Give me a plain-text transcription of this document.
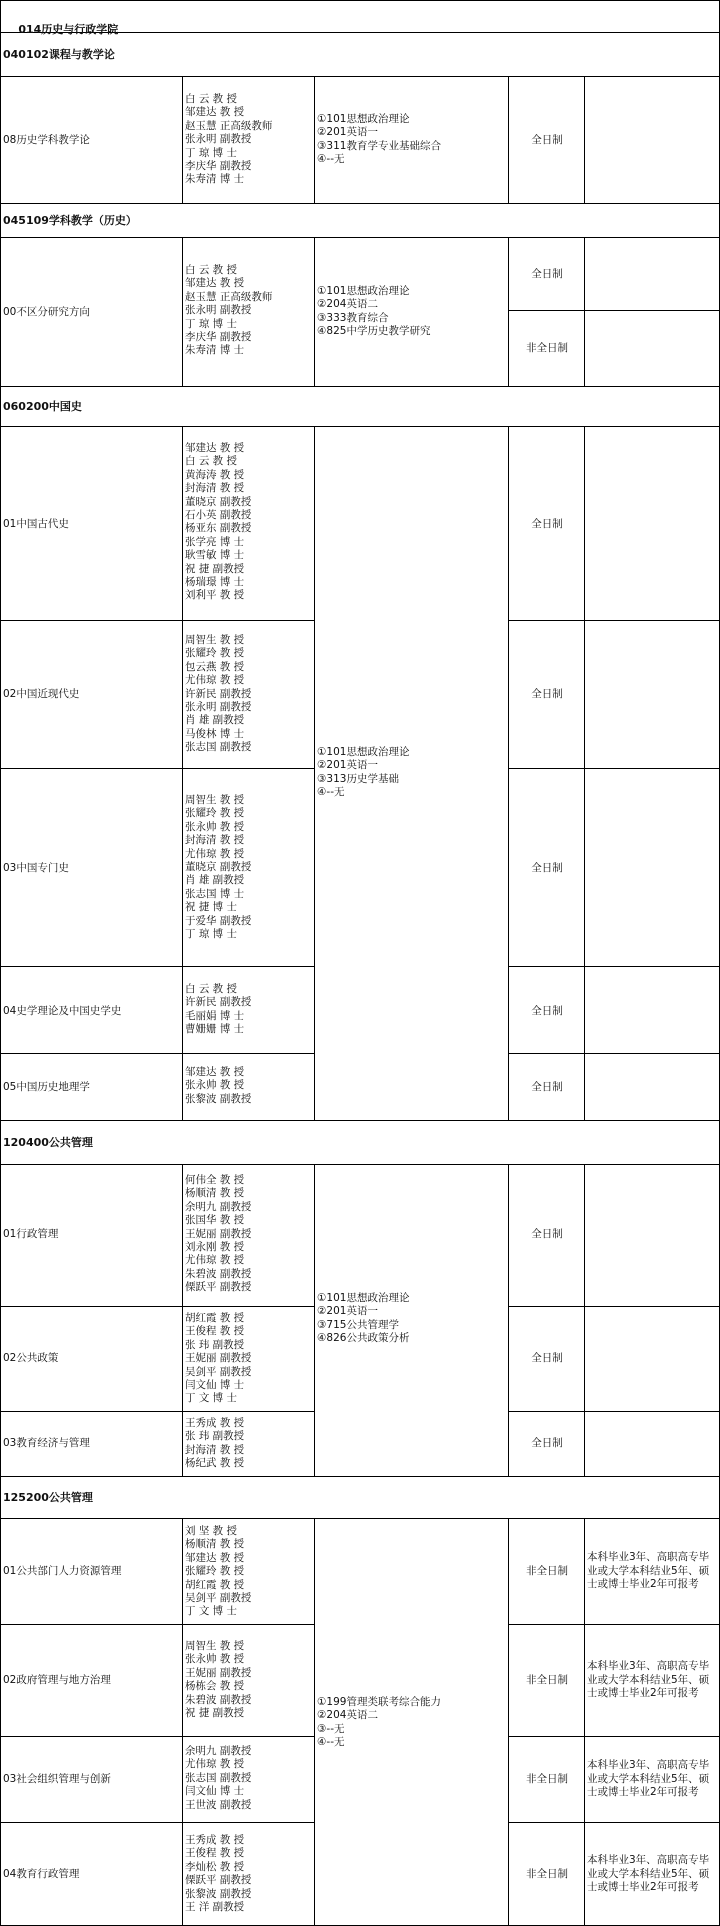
014历史与行政学院

040102课程与教学论
045109学科教学（历史）
060200中国史
120400公共管理
125200公共管理
08历史学科教学论
00不区分研究方向
01中国古代史
02中国近现代史
03中国专门史
04史学理论及中国史学史
05中国历史地理学
01行政管理
02公共政策
03教育经济与管理
01公共部门人力资源管理
02政府管理与地方治理
03社会组织管理与创新
04教育行政管理
白 云 教 授
邹建达 教 授
赵玉慧 正高级教师
张永明 副教授
丁 琼 博 士
李庆华 副教授
朱寿清 博 士
白 云 教 授
邹建达 教 授
赵玉慧 正高级教师
张永明 副教授
丁 琼 博 士
李庆华 副教授
朱寿清 博 士
邹建达 教 授
白 云 教 授
黄海涛 教 授
封海清 教 授
董晓京 副教授
石小英 副教授
杨亚东 副教授
张学亮 博 士
耿雪敏 博 士
祝 捷 副教授
杨瑞璟 博 士
刘利平 教 授
周智生 教 授
张耀玲 教 授
包云燕 教 授
尤伟琼 教 授
许新民 副教授
张永明 副教授
肖 雄 副教授
马俊林 博 士
张志国 副教授
周智生 教 授
张耀玲 教 授
张永帅 教 授
封海清 教 授
尤伟琼 教 授
董晓京 副教授
肖 雄 副教授
张志国 博 士
祝 捷 博 士
于爱华 副教授
丁 琼 博 士
白 云 教 授
许新民 副教授
毛丽娟 博 士
曹姗姗 博 士
邹建达 教 授
张永帅 教 授
张黎波 副教授
何伟全 教 授
杨顺清 教 授
余明九 副教授
张国华 教 授
王妮丽 副教授
刘永刚 教 授
尤伟琼 教 授
朱碧波 副教授
傈跃平 副教授
胡红霞 教 授
王俊程 教 授
张 玮 副教授
王妮丽 副教授
吴剑平 副教授
闫文仙 博 士
丁 文 博 士
王秀成 教 授
张 玮 副教授
封海清 教 授
杨纪武 教 授
刘 坚 教 授
杨顺清 教 授
邹建达 教 授
张耀玲 教 授
胡红霞 教 授
吴剑平 副教授
丁 文 博 士
周智生 教 授
张永帅 教 授
王妮丽 副教授
杨栋会 教 授
朱碧波 副教授
祝 捷 副教授
余明九 副教授
尤伟琼 教 授
张志国 副教授
闫文仙 博 士
王世波 副教授
王秀成 教 授
王俊程 教 授
李灿松 教 授
傈跃平 副教授
张黎波 副教授
王 洋 副教授
①101思想政治理论
②201英语一
③311教育学专业基础综合
④--无
①101思想政治理论
②204英语二
③333教育综合
④825中学历史教学研究
①101思想政治理论
②201英语一
③313历史学基础
④--无
①101思想政治理论
②201英语一
③715公共管理学
④826公共政策分析
①199管理类联考综合能力
②204英语二
③--无
④--无
全日制
全日制
非全日制
全日制
全日制
全日制
全日制
全日制
全日制
全日制
全日制
非全日制
非全日制
非全日制
非全日制
本科毕业3年、高职高专毕业或大学本科结业5年、硕士或博士毕业2年可报考
本科毕业3年、高职高专毕业或大学本科结业5年、硕士或博士毕业2年可报考
本科毕业3年、高职高专毕业或大学本科结业5年、硕士或博士毕业2年可报考
本科毕业3年、高职高专毕业或大学本科结业5年、硕士或博士毕业2年可报考
